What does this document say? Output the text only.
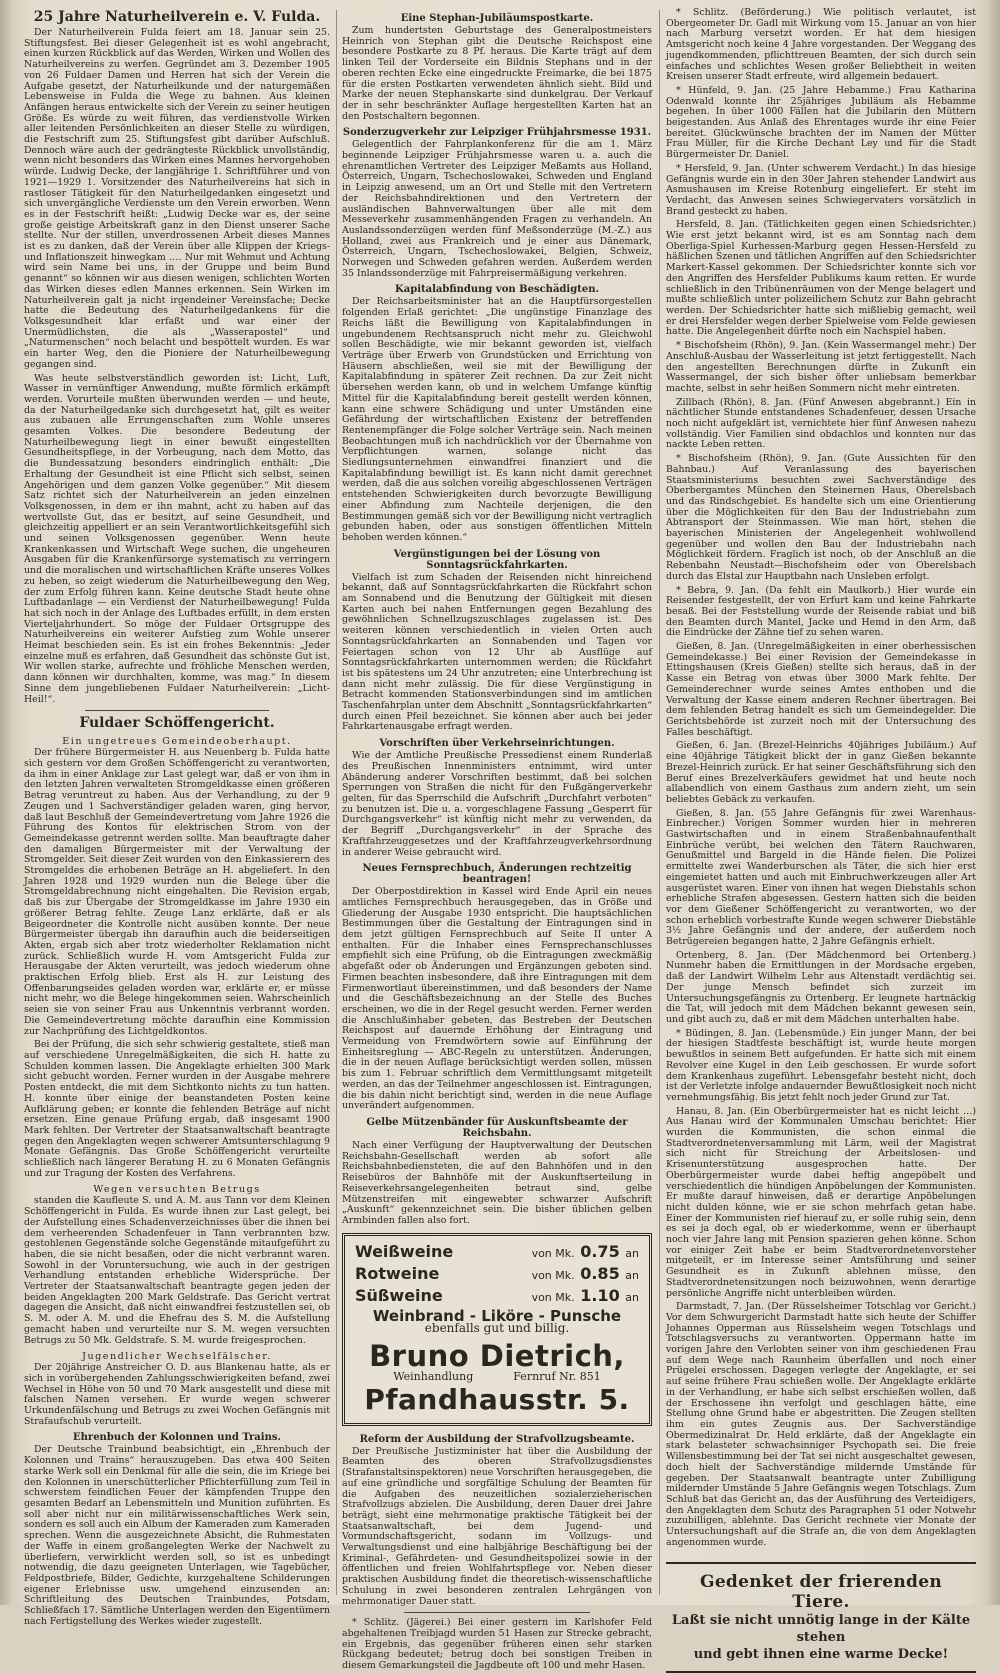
25 Jahre Naturheilverein e. V. Fulda.

Der Naturheilverein Fulda feiert am 18. Januar sein 25. Stiftungsfest. Bei dieser Gelegenheit ist es wohl angebracht, einen kurzen Rückblick auf das Werden, Wirken und Wollen des Naturheilvereins zu werfen. Gegründet am 3. Dezember 1905 von 26 Fuldaer Damen und Herren hat sich der Verein die Aufgabe gesetzt, der Naturheilkunde und der naturgemäßen Lebensweise in Fulda die Wege zu bahnen. Aus kleinen Anfängen heraus entwickelte sich der Verein zu seiner heutigen Größe. Es würde zu weit führen, das verdienstvolle Wirken aller leitenden Persönlichkeiten an dieser Stelle zu würdigen, die Festschrift zum 25. Stiftungsfest gibt darüber Aufschluß. Dennoch wäre auch der gedrängteste Rückblick unvollständig, wenn nicht besonders das Wirken eines Mannes hervorgehoben würde. Ludwig Decke, der langjährige 1. Schriftführer und von 1921—1929 1. Vorsitzender des Naturheilvereins hat sich in rastloser Tätigkeit für den Naturheilgedanken eingesetzt und sich unvergängliche Verdienste um den Verein erworben. Wenn es in der Festschrift heißt: „Ludwig Decke war es, der seine große geistige Arbeitskraft ganz in den Dienst unserer Sache stellte. Nur der stillen, unverdrossenen Arbeit dieses Mannes ist es zu danken, daß der Verein über alle Klippen der Kriegs- und Inflationszeit hinwegkam …. Nur mit Wehmut und Achtung wird sein Name bei uns, in der Gruppe und beim Bund genannt“ so können wir aus diesen wenigen, schlichten Worten das Wirken dieses edlen Mannes erkennen. Sein Wirken im Naturheilverein galt ja nicht irgendeiner Vereinsfache; Decke hatte die Bedeutung des Naturheilgedankens für die Volksgesundheit klar erfaßt und war einer der Unermüdlichsten, die als „Wasserapostel“ und „Naturmenschen“ noch belacht und bespöttelt wurden. Es war ein harter Weg, den die Pioniere der Naturheilbewegung gegangen sind.

Was heute selbstverständlich geworden ist: Licht, Luft, Wasser in vernünftiger Anwendung, mußte förmlich erkämpft werden. Vorurteile mußten überwunden werden — und heute, da der Naturheilgedanke sich durchgesetzt hat, gilt es weiter aus zubauen alle Errungenschaften zum Wohle unseres gesamten Volkes. Die besondere Bedeutung der Naturheilbewegung liegt in einer bewußt eingestellten Gesundheitspflege, in der Vorbeugung, nach dem Motto, das die Bundessatzung besonders eindringlich enthält: „Die Erhaltung der Gesundheit ist eine Pflicht sich selbst, seinen Angehörigen und dem ganzen Volke gegenüber.“ Mit diesem Satz richtet sich der Naturheilverein an jeden einzelnen Volksgenossen, in dem er ihn mahnt, acht zu haben auf das wertvollste Gut, das er besitzt, auf seine Gesundheit, und gleichzeitig appelliert er an sein Verantwortlichkeitsgefühl sich und seinen Volksgenossen gegenüber. Wenn heute Krankenkassen und Wirtschaft Wege suchen, die ungeheuren Ausgaben für die Krankenfürsorge systematisch zu verringern und die moralischen und wirtschaftlichen Kräfte unseres Volkes zu heben, so zeigt wiederum die Naturheilbewegung den Weg, der zum Erfolg führen kann. Keine deutsche Stadt heute ohne Luftbadanlage — ein Verdienst der Naturheilbewegung! Fulda hat sich noch in der Anlage des Luftbades erfüllt, in dem ersten Vierteljahrhundert. So möge der Fuldaer Ortsgruppe des Naturheilvereins ein weiterer Aufstieg zum Wohle unserer Heimat beschieden sein. Es ist ein frohes Bekenntnis: „Jeder einzelne muß es erfahren, daß Gesundheit das schönste Gut ist. Wir wollen starke, aufrechte und fröhliche Menschen werden, dann können wir durchhalten, komme, was mag.“ In diesem Sinne dem jungebliebenen Fuldaer Naturheilverein: „Licht-Heil!“.

Fuldaer Schöffengericht.
Ein ungetreues Gemeindeoberhaupt.

Der frühere Bürgermeister H. aus Neuenberg b. Fulda hatte sich gestern vor dem Großen Schöffengericht zu verantworten, da ihm in einer Anklage zur Last gelegt war, daß er von ihm in den letzten Jahren verwalteten Stromgeldkasse einen größeren Betrag veruntreut zu haben. Aus der Verhandlung, zu der 9 Zeugen und 1 Sachverständiger geladen waren, ging hervor, daß laut Beschluß der Gemeindevertretung vom Jahre 1926 die Führung des Kontos für elektrischen Strom von der Gemeindekasse getrennt werden sollte. Man beauftragte daher den damaligen Bürgermeister mit der Verwaltung der Stromgelder. Seit dieser Zeit wurden von den Einkassierern des Stromgeldes die erhobenen Beträge an H. abgeliefert. In den Jahren 1928 und 1929 wurden nun die Belege über die Stromgeldabrechnung nicht eingehalten. Die Revision ergab, daß bis zur Übergabe der Stromgeldkasse im Jahre 1930 ein größerer Betrag fehlte. Zeuge Lanz erklärte, daß er als Beigeordneter die Kontrolle nicht ausüben konnte. Der neue Bürgermeister übergab ihn daraufhin auch die beiderseitigen Akten, ergab sich aber trotz wiederholter Reklamation nicht zurück. Schließlich wurde H. vom Amtsgericht Fulda zur Herausgabe der Akten verurteilt, was jedoch wiederum ohne praktischen Erfolg blieb. Erst als H. zur Leistung des Offenbarungseides geladen worden war, erklärte er, er müsse nicht mehr, wo die Belege hingekommen seien. Wahrscheinlich seien sie von seiner Frau aus Unkenntnis verbrannt worden. Die Gemeindevertretung möchte daraufhin eine Kommission zur Nachprüfung des Lichtgeldkontos.

Bei der Prüfung, die sich sehr schwierig gestaltete, stieß man auf verschiedene Unregelmäßigkeiten, die sich H. hatte zu Schulden kommen lassen. Die Angeklagte erhielten 300 Mark sicht gebucht worden. Ferner wurden in der Ausgabe mehrere Posten entdeckt, die mit dem Sichtkonto nichts zu tun hatten. H. konnte über einige der beanstandeten Posten keine Aufklärung geben; er konnte die fehlenden Beträge auf nicht ersetzen. Eine genaue Prüfung ergab, daß insgesamt 1900 Mark fehlten. Der Vertreter der Staatsanwaltschaft beantragte gegen den Angeklagten wegen schwerer Amtsunterschlagung 9 Monate Gefängnis. Das Große Schöffengericht verurteilte schließlich nach längerer Beratung H. zu 6 Monaten Gefängnis und zur Tragung der Kosten des Verfahrens.

Wegen versuchten Betrugs

standen die Kaufleute S. und A. M. aus Tann vor dem Kleinen Schöffengericht in Fulda. Es wurde ihnen zur Last gelegt, bei der Aufstellung eines Schadenverzeichnisses über die ihnen bei dem verheerenden Schadenfeuer in Tann verbrannten bzw. gestohlenen Gegenstände solche Gegenstände mitaufgeführt zu haben, die sie nicht besaßen, oder die nicht verbrannt waren. Sowohl in der Voruntersuchung, wie auch in der gestrigen Verhandlung entstanden erhebliche Widersprüche. Der Vertreter der Staatsanwaltschaft beantragte gegen jeden der beiden Angeklagten 200 Mark Geldstrafe. Das Gericht vertrat dagegen die Ansicht, daß nicht einwandfrei festzustellen sei, ob S. M. oder A. M. und die Ehefrau des S. M. die Aufstellung gemacht haben und verurteilte nur S. M. wegen versuchten Betrugs zu 50 Mk. Geldstrafe. S. M. wurde freigesprochen.

Jugendlicher Wechselfälscher.

Der 20jährige Anstreicher O. D. aus Blankenau hatte, als er sich in vorübergehenden Zahlungsschwierigkeiten befand, zwei Wechsel in Höhe von 50 und 70 Mark ausgestellt und diese mit falschen Namen versehen. Er wurde wegen schwerer Urkundenfälschung und Betrugs zu zwei Wochen Gefängnis mit Strafaufschub verurteilt.

Ehrenbuch der Kolonnen und Trains.

Der Deutsche Trainbund beabsichtigt, ein „Ehrenbuch der Kolonnen und Trains“ herauszugeben. Das etwa 400 Seiten starke Werk soll ein Denkmal für alle die sein, die im Kriege bei den Kolonnen in unerschütterlicher Pflichterfüllung zum Teil in schwerstem feindlichen Feuer der kämpfenden Truppe den gesamten Bedarf an Lebensmitteln und Munition zuführten. Es soll aber nicht nur ein militärwissenschaftliches Werk sein, sondern es soll auch ein Album der Kameraden zum Kameraden sprechen. Wenn die ausgezeichnete Absicht, die Ruhmestaten der Waffe in einem großangelegten Werke der Nachwelt zu überliefern, verwirklicht werden soll, so ist es unbedingt notwendig, die dazu geeigneten Unterlagen, wie Tagebücher, Feldpostbriefe, Bilder, Gedichte, kurzgehaltene Schilderungen eigener Erlebnisse usw. umgehend einzusenden an: Schriftleitung des Deutschen Trainbundes, Potsdam, Schließfach 17. Sämtliche Unterlagen werden den Eigentümern nach Fertigstellung des Werkes wieder zugestellt.

Eine Stephan-Jubiläumspostkarte.

Zum hundertsten Geburtstage des Generalpostmeisters Heinrich von Stephan gibt die Deutsche Reichspost eine besondere Postkarte zu 8 Pf. heraus. Die Karte trägt auf dem linken Teil der Vorderseite ein Bildnis Stephans und in der oberen rechten Ecke eine eingedruckte Freimarke, die bei 1875 für die ersten Postkarten verwendeten ähnlich sieht. Bild und Marke der neuen Stephanskarte sind dunkelgrau. Der Verkauf der in sehr beschränkter Auflage hergestellten Karten hat an den Postschaltern begonnen.

Sonderzugverkehr zur Leipziger Frühjahrsmesse 1931.

Gelegentlich der Fahrplankonferenz für die am 1. März beginnende Leipziger Frühjahrsmesse waren u. a. auch die ehrenamtlichen Vertreter des Leipziger Meßamts aus Holland, Österreich, Ungarn, Tschechoslowakei, Schweden und England in Leipzig anwesend, um an Ort und Stelle mit den Vertretern der Reichsbahndirektionen und den Vertretern der ausländischen Bahnverwaltungen über alle mit dem Messeverkehr zusammenhängenden Fragen zu verhandeln. An Auslandssonderzügen werden fünf Meßsonderzüge (M.-Z.) aus Holland, zwei aus Frankreich und je einer aus Dänemark, Österreich, Ungarn, Tschechoslowakei, Belgien, Schweiz, Norwegen und Schweden gefahren werden. Außerdem werden 35 Inlandssonderzüge mit Fahrpreisermäßigung verkehren.

Kapitalabfindung von Beschädigten.

Der Reichsarbeitsminister hat an die Hauptfürsorgestellen folgenden Erlaß gerichtet: „Die ungünstige Finanzlage des Reichs läßt die Bewilligung von Kapitalabfindungen in ungebundenem Rechtsanspruch nicht mehr zu. Gleichwohl sollen Beschädigte, wie mir bekannt geworden ist, vielfach Verträge über Erwerb von Grundstücken und Errichtung von Häusern abschließen, weil sie mit der Bewilligung der Kapitalabfindung in späterer Zeit rechnen. Da zur Zeit nicht übersehen werden kann, ob und in welchem Umfange künftig Mittel für die Kapitalabfindung bereit gestellt werden können, kann eine schwere Schädigung und unter Umständen eine Gefährdung der wirtschaftlichen Existenz der betreffenden Rentenempfänger die Folge solcher Verträge sein. Nach meinen Beobachtungen muß ich nachdrücklich vor der Übernahme von Verpflichtungen warnen, solange nicht das Siedlungsunternehmen einwandfrei finanziert und die Kapitalabfindung bewilligt ist. Es kann nicht damit gerechnet werden, daß die aus solchen voreilig abgeschlossenen Verträgen entstehenden Schwierigkeiten durch bevorzugte Bewilligung einer Abfindung zum Nachteile derjenigen, die den Bestimmungen gemäß sich vor der Bewilligung nicht vertraglich gebunden haben, oder aus sonstigen öffentlichen Mitteln behoben werden können.“

Vergünstigungen bei der Lösung von Sonntagsrückfahrkarten.

Vielfach ist zum Schaden der Reisenden nicht hinreichend bekannt, daß auf Sonntagsrückfahrkarten die Rückfahrt schon am Sonnabend und die Benutzung der Gültigkeit mit diesen Karten auch bei nahen Entfernungen gegen Bezahlung des gewöhnlichen Schnellzugszuschlages zugelassen ist. Des weiteren können verschiedentlich in vielen Orten auch Sonntagsrückfahrkarten an Sonnabenden und Tagen vor Feiertagen schon von 12 Uhr ab Ausflüge auf Sonntagsrückfahrkarten unternommen werden; die Rückfahrt ist bis spätestens um 24 Uhr anzutreten; eine Unterbrechung ist dann nicht mehr zulässig. Die für diese Vergünstigung in Betracht kommenden Stationsverbindungen sind im amtlichen Taschenfahrplan unter dem Abschnitt „Sonntagsrückfahrkarten“ durch einen Pfeil bezeichnet. Sie können aber auch bei jeder Fahrkartenausgabe erfragt werden.

Vorschriften über Verkehrseinrichtungen.

Wie der Amtliche Preußische Pressedienst einem Runderlaß des Preußischen Innenministers entnimmt, wird unter Abänderung anderer Vorschriften bestimmt, daß bei solchen Sperrungen von Straßen die nicht für den Fußgängerverkehr gelten, für das Sperrschild die Aufschrift „Durchfahrt verboten“ zu benutzen ist. Die u. a. vorgeschlagene Fassung „Gesperrt für Durchgangsverkehr“ ist künftig nicht mehr zu verwenden, da der Begriff „Durchgangsverkehr“ in der Sprache des Kraftfahrzeuggesetzes und der Kraftfahrzeugverkehrsordnung in anderer Weise gebraucht wird.

Neues Fernsprechbuch, Änderungen rechtzeitig beantragen!

Der Oberpostdirektion in Kassel wird Ende April ein neues amtliches Fernsprechbuch herausgegeben, das in Größe und Gliederung der Ausgabe 1930 entspricht. Die hauptsächlichen Bestimmungen über die Gestaltung der Eintragungen sind in dem jetzt gültigen Fernsprechbuch auf Seite II unter A enthalten. Für die Inhaber eines Fernsprechanschlusses empfiehlt sich eine Prüfung, ob die Eintragungen zweckmäßig abgefaßt oder ob Änderungen und Ergänzungen geboten sind. Firmen beachten insbesondere, daß ihre Eintragungen mit dem Firmenwortlaut übereinstimmen, und daß besonders der Name und die Geschäftsbezeichnung an der Stelle des Buches erscheinen, wo die in der Regel gesucht werden. Ferner werden die Anschlußinhaber gebeten, das Bestreben der Deutschen Reichspost auf dauernde Erhöhung der Eintragung und Vermeidung von Fremdwörtern sowie auf Einführung der Einheitsreglung — ABC-Regeln zu unterstützen. Änderungen, die in der neuen Auflage berücksichtigt werden sollen, müssen bis zum 1. Februar schriftlich dem Vermittlungsamt mitgeteilt werden, an das der Teilnehmer angeschlossen ist. Eintragungen, die bis dahin nicht berichtigt sind, werden in die neue Auflage unverändert aufgenommen.

Gelbe Mützenbänder für Auskunftsbeamte der Reichsbahn.

Nach einer Verfügung der Hauptverwaltung der Deutschen Reichsbahn-Gesellschaft werden ab sofort alle Reichsbahnbediensteten, die auf den Bahnhöfen und in den Reisebüros der Bahnhöfe mit der Auskunftserteilung in Reiseverkehrsangelegenheiten betraut sind, gelbe Mützenstreifen mit eingewebter schwarzer Aufschrift „Auskunft“ gekennzeichnet sein. Die bisher üblichen gelben Armbinden fallen also fort.

Weißweine	von Mk. 0.75 an
Rotweine	von Mk. 0.85 an
Süßweine	von Mk. 1.10 an
Weinbrand - Liköre - Punsche
ebenfalls gut und billig.
Bruno Dietrich,
Weinhandlung	Fernruf Nr. 851
Pfandhausstr. 5.
Reform der Ausbildung der Strafvollzugsbeamte.

Der Preußische Justizminister hat über die Ausbildung der Beamten des oberen Strafvollzugsdienstes (Strafanstaltsinspektoren) neue Vorschriften herausgegeben, die auf eine gründliche und sorgfältige Schulung der Beamten für die Aufgaben des neuzeitlichen sozialerzieherischen Strafvollzugs abzielen. Die Ausbildung, deren Dauer drei Jahre beträgt, sieht eine mehrmonatige praktische Tätigkeit bei der Staatsanwaltschaft, bei dem Jugend- und Vormundschaftsgericht, sodann im Vollzugs- und Verwaltungsdienst und eine halbjährige Beschäftigung bei der Kriminal-, Gefährdeten- und Gesundheitspolizei sowie in der öffentlichen und freien Wohlfahrtspflege vor. Neben dieser praktischen Ausbildung findet die theoretisch-wissenschaftliche Schulung in zwei besonderen zentralen Lehrgängen von mehrmonatiger Dauer statt.

* Schlitz. (Jägerei.) Bei einer gestern im Karlshofer Feld abgehaltenen Treibjagd wurden 51 Hasen zur Strecke gebracht, ein Ergebnis, das gegenüber früheren einen sehr starken Rückgang bedeutet; betrug doch bei sonstigen Treiben in diesem Gemarkungsteil die Jagdbeute oft 100 und mehr Hasen.

* Schlitz. (Beförderung.) Wie politisch verlautet, ist Obergeometer Dr. Gadl mit Wirkung vom 15. Januar an von hier nach Marburg versetzt worden. Er hat dem hiesigen Amtsgericht noch keine 4 Jahre vorgestanden. Der Weggang des jugendkommenden, pflichttreuen Beamten, der sich durch sein einfaches und schlichtes Wesen großer Beliebtheit in weiten Kreisen unserer Stadt erfreute, wird allgemein bedauert.

* Hünfeld, 9. Jan. (25 Jahre Hebamme.) Frau Katharina Odenwald konnte ihr 25jähriges Jubiläum als Hebamme begehen. In über 1000 Fällen hat die Jubilarin den Müttern beigestanden. Aus Anlaß des Ehrentages wurde ihr eine Feier bereitet. Glückwünsche brachten der im Namen der Mütter Frau Müller, für die Kirche Dechant Ley und für die Stadt Bürgermeister Dr. Daniel.

* Hersfeld, 9. Jan. (Unter schwerem Verdacht.) In das hiesige Gefängnis wurde ein in den 30er Jahren stehender Landwirt aus Asmushausen im Kreise Rotenburg eingeliefert. Er steht im Verdacht, das Anwesen seines Schwiegervaters vorsätzlich in Brand gesteckt zu haben.

Hersfeld, 8. Jan. (Tätlichkeiten gegen einen Schiedsrichter.) Wie erst jetzt bekannt wird, ist es am Sonntag nach dem Oberliga-Spiel Kurhessen-Marburg gegen Hessen-Hersfeld zu häßlichen Szenen und tätlichen Angriffen auf den Schiedsrichter Markert-Kassel gekommen. Der Schiedsrichter konnte sich vor den Angriffen des Hersfelder Publikums kaum retten. Er wurde schließlich in den Tribünenräumen von der Menge belagert und mußte schließlich unter polizeilichem Schutz zur Bahn gebracht werden. Der Schiedsrichter hatte sich mißliebig gemacht, weil er drei Hersfelder wegen derber Spielweise vom Felde gewiesen hatte. Die Angelegenheit dürfte noch ein Nachspiel haben.

* Bischofsheim (Rhön), 9. Jan. (Kein Wassermangel mehr.) Der Anschluß-Ausbau der Wasserleitung ist jetzt fertiggestellt. Nach den angestellten Berechnungen dürfte in Zukunft ein Wassermangel, der sich bisher öfter unliebsam bemerkbar machte, selbst in sehr heißen Sommern nicht mehr eintreten.

Zillbach (Rhön), 8. Jan. (Fünf Anwesen abgebrannt.) Ein in nächtlicher Stunde entstandenes Schadenfeuer, dessen Ursache noch nicht aufgeklärt ist, vernichtete hier fünf Anwesen nahezu vollständig. Vier Familien sind obdachlos und konnten nur das nackte Leben retten.

* Bischofsheim (Rhön), 9. Jan. (Gute Aussichten für den Bahnbau.) Auf Veranlassung des bayerischen Staatsministeriums besuchten zwei Sachverständige des Oberbergamtes München den Steinernen Haus, Oberelsbach und das Rindschgebiet. Es handelte sich um eine Orientierung über die Möglichkeiten für den Bau der Industriebahn zum Abtransport der Steinmassen. Wie man hört, stehen die bayerischen Ministerien der Angelegenheit wohlwollend gegenüber und wollen den Bau der Industriebahn nach Möglichkeit fördern. Fraglich ist noch, ob der Anschluß an die Rebenbahn Neustadt—Bischofsheim oder von Oberelsbach durch das Elstal zur Hauptbahn nach Unsleben erfolgt.

* Bebra, 9. Jan. (Da fehlt ein Maulkorb.) Hier wurde ein Reisender festgestellt, der von Erfurt kam und keine Fahrkarte besaß. Bei der Feststellung wurde der Reisende rabiat und biß den Beamten durch Mantel, Jacke und Hemd in den Arm, daß die Eindrücke der Zähne tief zu sehen waren.

Gießen, 8. Jan. (Unregelmäßigkeiten in einer oberhessischen Gemeindekasse.) Bei einer Revision der Gemeindekasse in Ettingshausen (Kreis Gießen) stellte sich heraus, daß in der Kasse ein Betrag von etwas über 3000 Mark fehlte. Der Gemeinderechner wurde seines Amtes enthoben und die Verwaltung der Kasse einem anderen Rechner übertragen. Bei dem fehlenden Betrag handelt es sich um Gemeindegelder. Die Gerichtsbehörde ist zurzeit noch mit der Untersuchung des Falles beschäftigt.

Gießen, 6. Jan. (Brezel-Heinrichs 40jähriges Jubiläum.) Auf eine 40jährige Tätigkeit blickt der in ganz Gießen bekannte Brezel-Heinrich zurück. Er hat seiner Geschäftsführung sich den Beruf eines Brezelverkäufers gewidmet hat und heute noch allabendlich von einem Gasthaus zum andern zieht, um sein beliebtes Gebäck zu verkaufen.

Gießen, 8. Jan. (55 Jahre Gefängnis für zwei Warenhaus-Einbrecher.) Vorigen Sommer wurden hier in mehreren Gastwirtschaften und in einem Straßenbahnaufenthalt Einbrüche verübt, bei welchen den Tätern Rauchwaren, Genußmittel und Bargeld in die Hände fielen. Die Polizei ermittelte zwei Wanderburschen als Täter, die sich hier erst eingemietet hatten und auch mit Einbruchwerkzeugen aller Art ausgerüstet waren. Einer von ihnen hat wegen Diebstahls schon erhebliche Strafen abgesessen. Gestern hatten sich die beiden vor dem Gießener Schöffengericht zu verantworten, wo der schon erheblich vorbestrafte Kunde wegen schwerer Diebstähle 3½ Jahre Gefängnis und der andere, der außerdem noch Betrügereien begangen hatte, 2 Jahre Gefängnis erhielt.

Ortenberg, 8. Jan. (Der Mädchenmord bei Ortenberg.) Nunmehr haben die Ermittlungen in der Mordsache ergeben, daß der Landwirt Wilhelm Lehr aus Altenstadt verdächtig sei. Der junge Mensch befindet sich zurzeit im Untersuchungsgefängnis zu Ortenberg. Er leugnete hartnäckig die Tat, will jedoch mit dem Mädchen bekannt gewesen sein, und gibt auch zu, daß er mit dem Mädchen unterhalten habe.

* Büdingen, 8. Jan. (Lebensmüde.) Ein junger Mann, der bei der hiesigen Stadtfeste beschäftigt ist, wurde heute morgen bewußtlos in seinem Bett aufgefunden. Er hatte sich mit einem Revolver eine Kugel in den Leib geschossen. Er wurde sofort dem Krankenhaus zugeführt. Lebensgefahr besteht nicht, doch ist der Verletzte infolge andauernder Bewußtlosigkeit noch nicht vernehmungsfähig. Bis jetzt fehlt noch jeder Grund zur Tat.

Hanau, 8. Jan. (Ein Oberbürgermeister hat es nicht leicht …) Aus Hanau wird der Kommunalen Umschau berichtet: Hier wurden die Kommunisten, die schon einmal die Stadtverordnetenversammlung mit Lärm, weil der Magistrat sich nicht für Streichung der Arbeitslosen- und Krisenunterstützung ausgesprochen hatte. Der Oberbürgermeister wurde dabei heftig angepöbelt und verschiedentlich die hündigen Anpöbelungen der Kommunisten. Er mußte darauf hinweisen, daß er derartige Anpöbelungen nicht dulden könne, wie er sie schon mehrfach getan habe. Einer der Kommunisten rief hierauf zu, er solle ruhig sein, denn es sei ja doch egal, ob er wiederkomme, wenn er überhaupt noch vier Jahre lang mit Pension spazieren gehen könne. Schon vor einiger Zeit habe er beim Stadtverordnetenvorsteher mitgeteilt, er im Interesse seiner Amtsführung und seiner Gesundheit es in Zukunft ablehnen müsse, den Stadtverordnetensitzungen noch beizuwohnen, wenn derartige persönliche Angriffe nicht unterbleiben würden.

Darmstadt, 7. Jan. (Der Rüsselsheimer Totschlag vor Gericht.) Vor dem Schwurgericht Darmstadt hatte sich heute der Schiffer Johannes Opperman aus Rüsselsheim wegen Totschlags und Totschlagsversuchs zu verantworten. Oppermann hatte im vorigen Jahre den Verlobten seiner von ihm geschiedenen Frau auf dem Wege nach Raunheim überfallen und noch einer Prügelei erschossen. Dagegen verlegte der Angeklagte, er sei auf seine frühere Frau schießen wolle. Der Angeklagte erklärte in der Verhandlung, er habe sich selbst erschießen wollen, daß der Erschossene ihn verfolgt und geschlagen hätte, eine Stellung ohne Grund habe er abgestritten. Die Zeugen stellten ihm ein gutes Zeugnis aus. Der Sachverständige Obermedizinalrat Dr. Held erklärte, daß der Angeklagte ein stark belasteter schwachsinniger Psychopath sei. Die freie Willensbestimmung bei der Tat sei nicht ausgeschaltet gewesen, doch hielt der Sachverständige mildernde Umstände für gegeben. Der Staatsanwalt beantragte unter Zubilligung mildernder Umstände 5 Jahre Gefängnis wegen Totschlags. Zum Schluß bat das Gericht an, das der Ausführung des Verteidigers, den Angeklagten dem Schutz des Paragraphen 51 oder Notwehr zuzubilligen, ablehnte. Das Gericht rechnete vier Monate der Untersuchungshaft auf die Strafe an, die von dem Angeklagten angenommen wurde.

Gedenket der frierenden Tiere.
Laßt sie nicht unnötig lange in der Kälte stehen
und gebt ihnen eine warme Decke!
